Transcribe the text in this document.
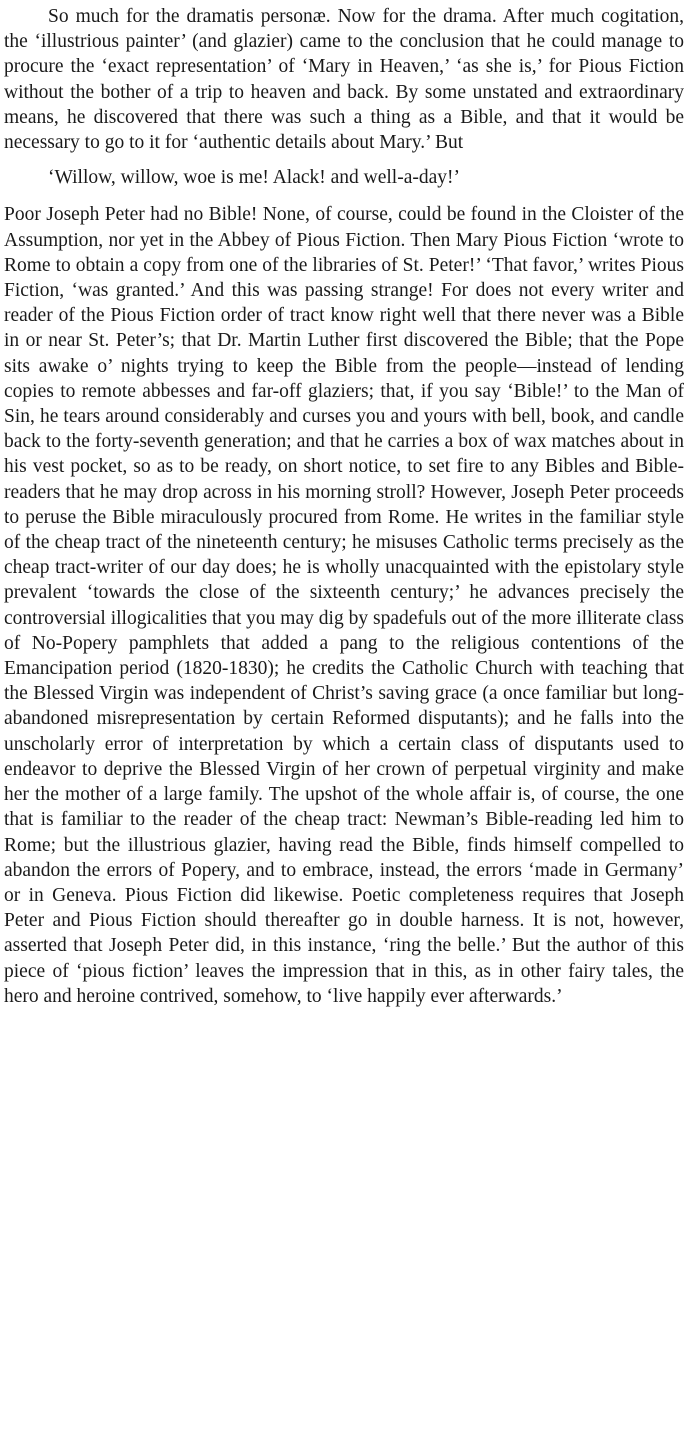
So much for the dramatis personæ. Now for the drama. After much cogitation, the ‘illustrious painter’ (and glazier) came to the conclusion that he could manage to procure the ‘exact representation’ of ‘Mary in Heaven,’ ‘as she is,’ for Pious Fiction without the bother of a trip to heaven and back. By some unstated and extraordinary means, he discovered that there was such a thing as a Bible, and that it would be necessary to go to it for ‘authentic details about Mary.’ But

‘Willow, willow, woe is me! Alack! and well-a-day!’

Poor Joseph Peter had no Bible! None, of course, could be found in the Cloister of the Assumption, nor yet in the Abbey of Pious Fiction. Then Mary Pious Fiction ‘wrote to Rome to obtain a copy from one of the libraries of St. Peter!’ ‘That favor,’ writes Pious Fiction, ‘was granted.’ And this was passing strange! For does not every writer and reader of the Pious Fiction order of tract know right well that there never was a Bible in or near St. Peter’s; that Dr. Martin Luther first discovered the Bible; that the Pope sits awake o’ nights trying to keep the Bible from the people—instead of lending copies to remote abbesses and far-off glaziers; that, if you say ‘Bible!’ to the Man of Sin, he tears around considerably and curses you and yours with bell, book, and candle back to the forty-seventh generation; and that he carries a box of wax matches about in his vest pocket, so as to be ready, on short notice, to set fire to any Bibles and Bible-readers that he may drop across in his morning stroll? However, Joseph Peter proceeds to peruse the Bible miraculously procured from Rome. He writes in the familiar style of the cheap tract of the nineteenth century; he misuses Catholic terms precisely as the cheap tract-writer of our day does; he is wholly unacquainted with the epistolary style prevalent ‘towards the close of the sixteenth century;’ he advances precisely the controversial illogicalities that you may dig by spadefuls out of the more illiterate class of No-Popery pamphlets that added a pang to the religious contentions of the Emancipation period (1820-1830); he credits the Catholic Church with teaching that the Blessed Virgin was independent of Christ’s saving grace (a once familiar but long-abandoned misrepresentation by certain Reformed disputants); and he falls into the unscholarly error of interpretation by which a certain class of disputants used to endeavor to deprive the Blessed Virgin of her crown of perpetual virginity and make her the mother of a large family. The upshot of the whole affair is, of course, the one that is familiar to the reader of the cheap tract: Newman’s Bible-reading led him to Rome; but the illustrious glazier, having read the Bible, finds himself compelled to abandon the errors of Popery, and to embrace, instead, the errors ‘made in Germany’ or in Geneva. Pious Fiction did likewise. Poetic completeness requires that Joseph Peter and Pious Fiction should thereafter go in double harness. It is not, however, asserted that Joseph Peter did, in this instance, ‘ring the belle.’ But the author of this piece of ‘pious fiction’ leaves the impression that in this, as in other fairy tales, the hero and heroine contrived, somehow, to ‘live happily ever afterwards.’
